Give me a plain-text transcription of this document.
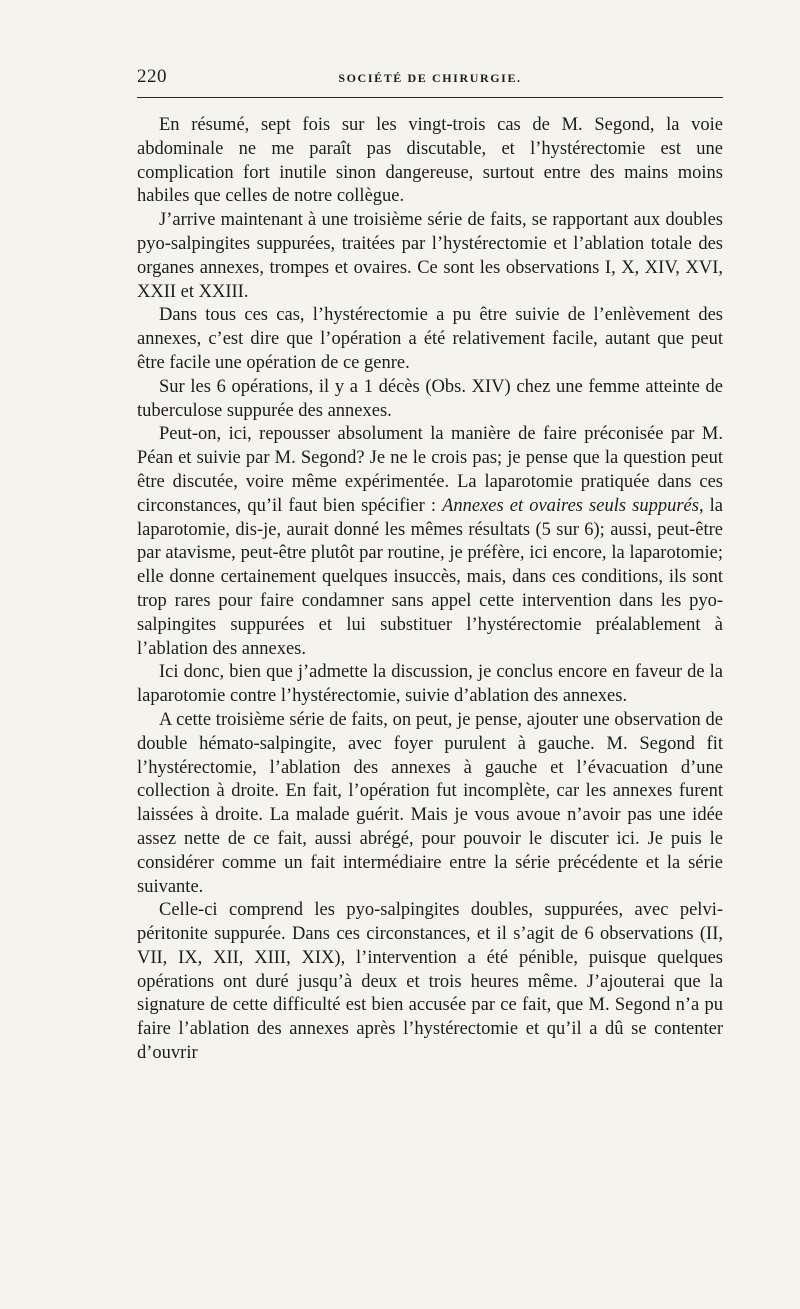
220	SOCIÉTÉ DE CHIRURGIE.

En résumé, sept fois sur les vingt-trois cas de M. Segond, la voie abdominale ne me paraît pas discutable, et l’hystérectomie est une complication fort inutile sinon dangereuse, surtout entre des mains moins habiles que celles de notre collègue.

J’arrive maintenant à une troisième série de faits, se rapportant aux doubles pyo-salpingites suppurées, traitées par l’hystérectomie et l’ablation totale des organes annexes, trompes et ovaires. Ce sont les observations I, X, XIV, XVI, XXII et XXIII.

Dans tous ces cas, l’hystérectomie a pu être suivie de l’enlèvement des annexes, c’est dire que l’opération a été relativement facile, autant que peut être facile une opération de ce genre.

Sur les 6 opérations, il y a 1 décès (Obs. XIV) chez une femme atteinte de tuberculose suppurée des annexes.

Peut-on, ici, repousser absolument la manière de faire préconisée par M. Péan et suivie par M. Segond? Je ne le crois pas; je pense que la question peut être discutée, voire même expérimentée. La laparotomie pratiquée dans ces circonstances, qu’il faut bien spécifier : Annexes et ovaires seuls suppurés, la laparotomie, dis-je, aurait donné les mêmes résultats (5 sur 6); aussi, peut-être par atavisme, peut-être plutôt par routine, je préfère, ici encore, la laparotomie; elle donne certainement quelques insuccès, mais, dans ces conditions, ils sont trop rares pour faire condamner sans appel cette intervention dans les pyo-salpingites suppurées et lui substituer l’hystérectomie préalablement à l’ablation des annexes.

Ici donc, bien que j’admette la discussion, je conclus encore en faveur de la laparotomie contre l’hystérectomie, suivie d’ablation des annexes.

A cette troisième série de faits, on peut, je pense, ajouter une observation de double hémato-salpingite, avec foyer purulent à gauche. M. Segond fit l’hystérectomie, l’ablation des annexes à gauche et l’évacuation d’une collection à droite. En fait, l’opération fut incomplète, car les annexes furent laissées à droite. La malade guérit. Mais je vous avoue n’avoir pas une idée assez nette de ce fait, aussi abrégé, pour pouvoir le discuter ici. Je puis le considérer comme un fait intermédiaire entre la série précédente et la série suivante.

Celle-ci comprend les pyo-salpingites doubles, suppurées, avec pelvi-péritonite suppurée. Dans ces circonstances, et il s’agit de 6 observations (II, VII, IX, XII, XIII, XIX), l’intervention a été pénible, puisque quelques opérations ont duré jusqu’à deux et trois heures même. J’ajouterai que la signature de cette difficulté est bien accusée par ce fait, que M. Segond n’a pu faire l’ablation des annexes après l’hystérectomie et qu’il a dû se contenter d’ouvrir
